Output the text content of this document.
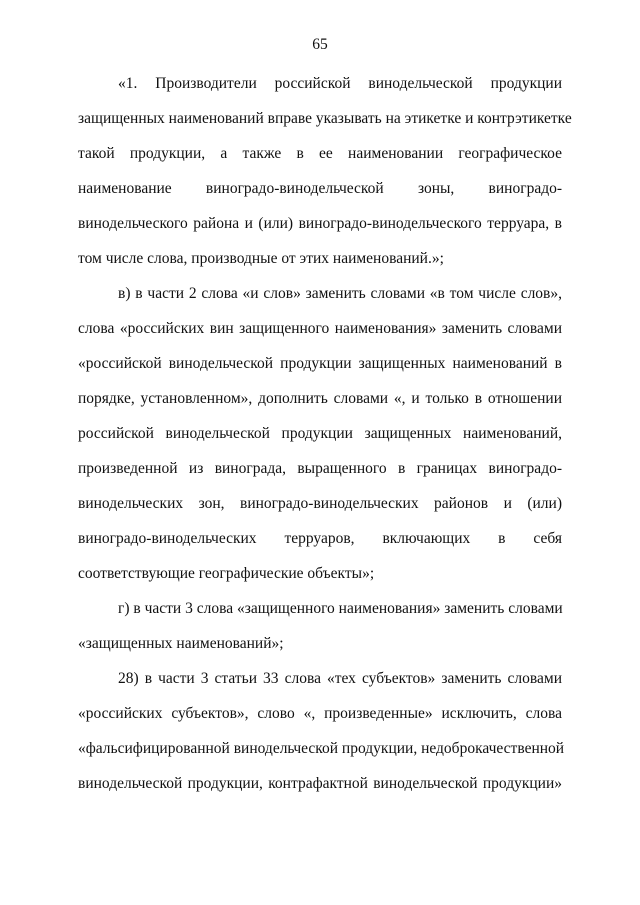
65
«1. Производители российской винодельческой продукции
защищенных наименований вправе указывать на этикетке и контрэтикетке
такой продукции, а также в ее наименовании географическое
наименование виноградо-винодельческой зоны, виноградо-
винодельческого района и (или) виноградо-винодельческого терруара, в
том числе слова, производные от этих наименований.»;
в) в части 2 слова «и слов» заменить словами «в том числе слов»,
слова «российских вин защищенного наименования» заменить словами
«российской винодельческой продукции защищенных наименований в
порядке, установленном», дополнить словами «, и только в отношении
российской винодельческой продукции защищенных наименований,
произведенной из винограда, выращенного в границах виноградо-
винодельческих зон, виноградо-винодельческих районов и (или)
виноградо-винодельческих терруаров, включающих в себя
соответствующие географические объекты»;
г) в части 3 слова «защищенного наименования» заменить словами
«защищенных наименований»;
28) в части 3 статьи 33 слова «тех субъектов» заменить словами
«российских субъектов», слово «, произведенные» исключить, слова
«фальсифицированной винодельческой продукции, недоброкачественной
винодельческой продукции, контрафактной винодельческой продукции»
